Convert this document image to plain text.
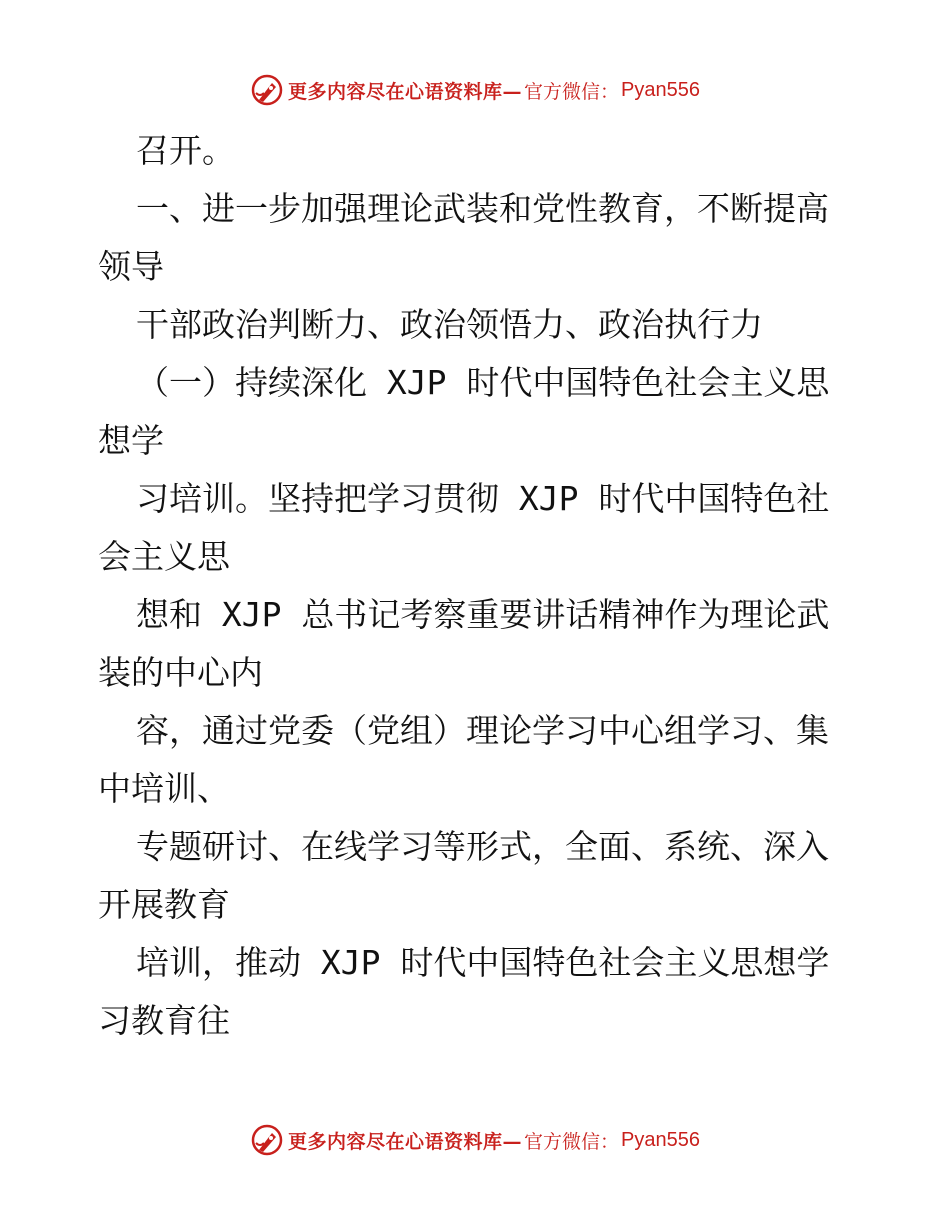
更多内容尽在心语资料库— 官方微信： Pyan556
召开。
一、进一步加强理论武装和党性教育，不断提高
领导
干部政治判断力、政治领悟力、政治执行力
（一）持续深化 XJP 时代中国特色社会主义思
想学
习培训。坚持把学习贯彻 XJP 时代中国特色社
会主义思
想和 XJP 总书记考察重要讲话精神作为理论武
装的中心内
容，通过党委（党组）理论学习中心组学习、集
中培训、
专题研讨、在线学习等形式，全面、系统、深入
开展教育
培训，推动 XJP 时代中国特色社会主义思想学
习教育往
更多内容尽在心语资料库— 官方微信： Pyan556
